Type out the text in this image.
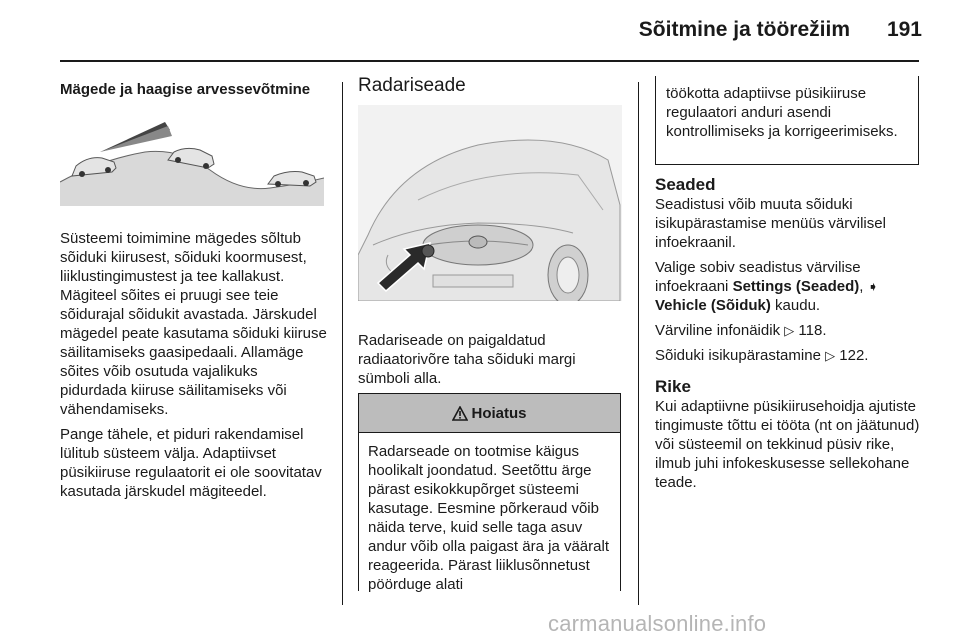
Sõitmine ja töörežiim	191
Mägede ja haagise arvessevõtmine

Süsteemi toimimine mägedes sõltub sõiduki kiirusest, sõiduki koormusest, liiklustingimustest ja tee kallakust. Mägiteel sõites ei pruugi see teie sõidurajal sõidukit avastada. Järskudel mägedel peate kasutama sõiduki kiiruse säilitamiseks gaasipedaali. Allamäge sõites võib osutuda vajalikuks pidurdada kiiruse säilitamiseks või vähendamiseks.

Pange tähele, et piduri rakendamisel lülitub süsteem välja. Adaptiivset püsikiiruse regulaatorit ei ole soovitatav kasutada järskudel mägiteedel.

Radariseade

Radariseade on paigaldatud radiaatorivõre taha sõiduki margi sümboli alla.

Hoiatus
Radarseade on tootmise käigus hoolikalt joondatud. Seetõttu ärge pärast esikokkupõrget süsteemi kasutage. Eesmine põrkeraud võib näida terve, kuid selle taga asuv andur võib olla paigast ära ja vääralt reageerida. Pärast liiklusõnnetust pöörduge alati
töökotta adaptiivse püsikiiruse regulaatori anduri asendi kontrollimiseks ja korrigeerimiseks.
Seaded

Seadistusi võib muuta sõiduki isikupärastamise menüüs värvilisel infoekraanil.

Valige sobiv seadistus värvilise infoekraani Settings (Seaded), ➧
Vehicle (Sõiduk) kaudu.

Värviline infonäidik ▷ 118.

Sõiduki isikupärastamine ▷ 122.

Rike

Kui adaptiivne püsikiirusehoidja ajutiste tingimuste tõttu ei tööta (nt on jäätunud) või süsteemil on tekkinud püsiv rike, ilmub juhi infokeskusesse sellekohane teade.

carmanualsonline.info
